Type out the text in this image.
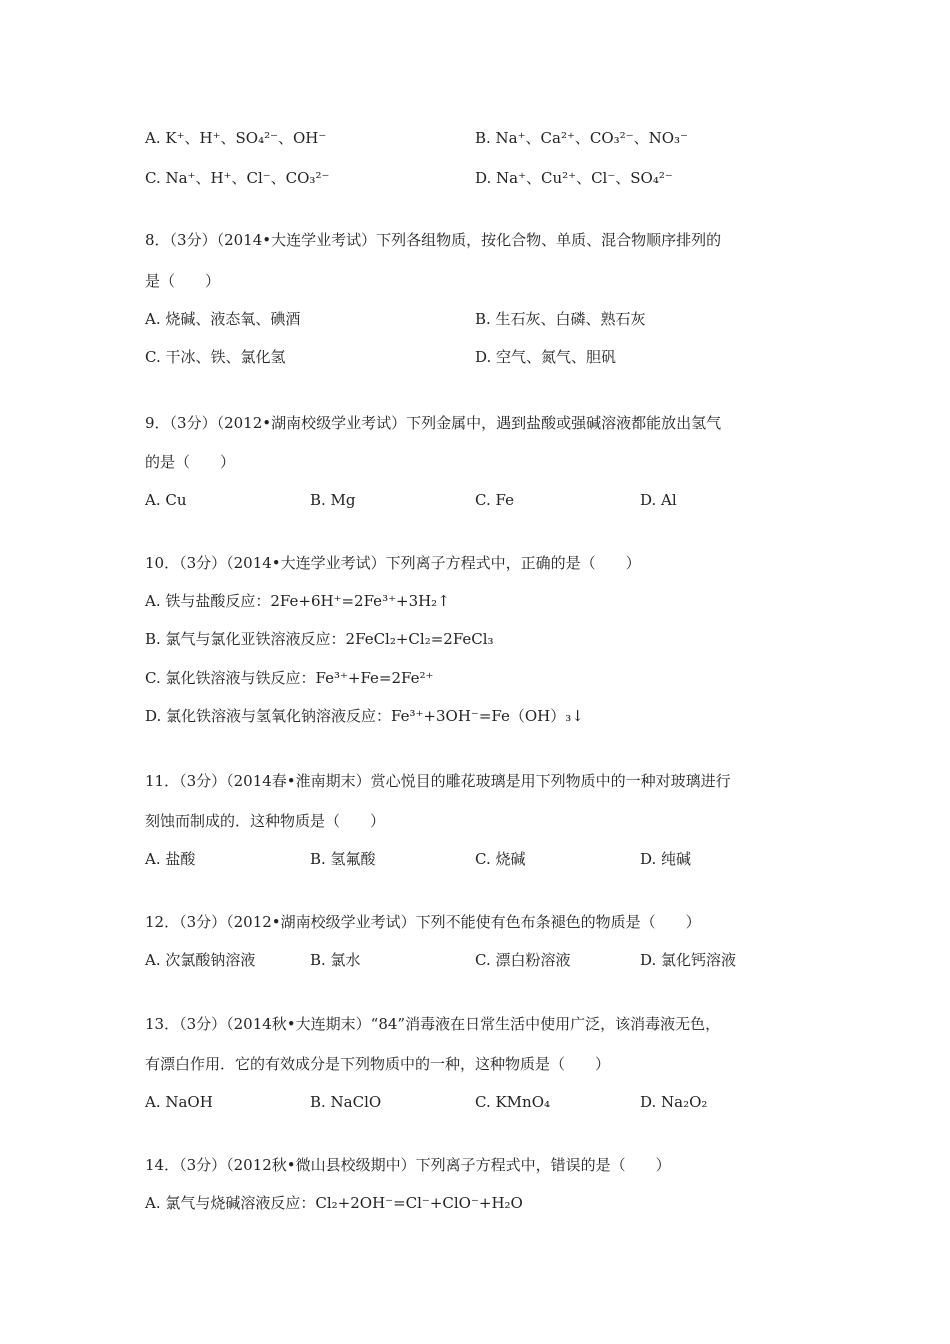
A. K⁺、H⁺、SO₄²⁻、OH⁻	B. Na⁺、Ca²⁺、CO₃²⁻、NO₃⁻
C. Na⁺、H⁺、Cl⁻、CO₃²⁻	D. Na⁺、Cu²⁺、Cl⁻、SO₄²⁻
8．（3分）（2014•大连学业考试）下列各组物质，按化合物、单质、混合物顺序排列的
是（　　）
A. 烧碱、液态氧、碘酒	B. 生石灰、白磷、熟石灰
C. 干冰、铁、氯化氢	D. 空气、氮气、胆矾
9．（3分）（2012•湖南校级学业考试）下列金属中，遇到盐酸或强碱溶液都能放出氢气
的是（　　）
A. Cu	B. Mg	C. Fe	D. Al
10．（3分）（2014•大连学业考试）下列离子方程式中，正确的是（　　）
A. 铁与盐酸反应：2Fe+6H⁺=2Fe³⁺+3H₂↑
B. 氯气与氯化亚铁溶液反应：2FeCl₂+Cl₂=2FeCl₃
C. 氯化铁溶液与铁反应：Fe³⁺+Fe=2Fe²⁺
D. 氯化铁溶液与氢氧化钠溶液反应：Fe³⁺+3OH⁻=Fe（OH）₃↓
11．（3分）（2014春•淮南期末）赏心悦目的雕花玻璃是用下列物质中的一种对玻璃进行
刻蚀而制成的．这种物质是（　　）
A. 盐酸	B. 氢氟酸	C. 烧碱	D. 纯碱
12．（3分）（2012•湖南校级学业考试）下列不能使有色布条褪色的物质是（　　）
A. 次氯酸钠溶液	B. 氯水	C. 漂白粉溶液	D. 氯化钙溶液
13．（3分）（2014秋•大连期末）“84”消毒液在日常生活中使用广泛，该消毒液无色，
有漂白作用．它的有效成分是下列物质中的一种，这种物质是（　　）
A. NaOH	B. NaClO	C. KMnO₄	D. Na₂O₂
14．（3分）（2012秋•微山县校级期中）下列离子方程式中，错误的是（　　）
A. 氯气与烧碱溶液反应：Cl₂+2OH⁻=Cl⁻+ClO⁻+H₂O
